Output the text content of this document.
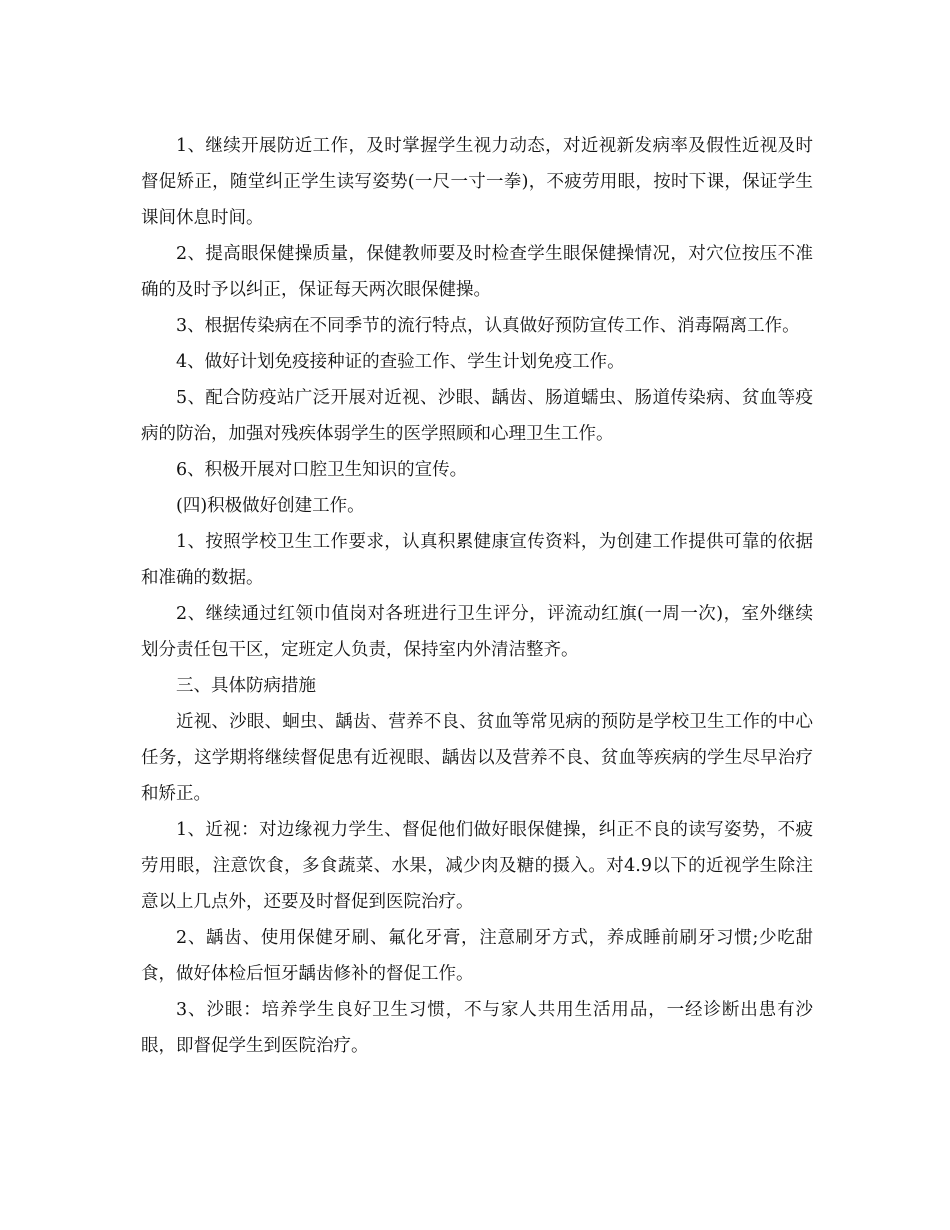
1、继续开展防近工作，及时掌握学生视力动态，对近视新发病率及假性近视及时督促矫正，随堂纠正学生读写姿势(一尺一寸一拳)，不疲劳用眼，按时下课，保证学生课间休息时间。

2、提高眼保健操质量，保健教师要及时检查学生眼保健操情况，对穴位按压不准确的及时予以纠正，保证每天两次眼保健操。

3、根据传染病在不同季节的流行特点，认真做好预防宣传工作、消毒隔离工作。

4、做好计划免疫接种证的查验工作、学生计划免疫工作。

5、配合防疫站广泛开展对近视、沙眼、龋齿、肠道蠕虫、肠道传染病、贫血等疫病的防治，加强对残疾体弱学生的医学照顾和心理卫生工作。

6、积极开展对口腔卫生知识的宣传。

(四)积极做好创建工作。

1、按照学校卫生工作要求，认真积累健康宣传资料，为创建工作提供可靠的依据和准确的数据。

2、继续通过红领巾值岗对各班进行卫生评分，评流动红旗(一周一次)，室外继续划分责任包干区，定班定人负责，保持室内外清洁整齐。

三、具体防病措施

近视、沙眼、蛔虫、龋齿、营养不良、贫血等常见病的预防是学校卫生工作的中心任务，这学期将继续督促患有近视眼、龋齿以及营养不良、贫血等疾病的学生尽早治疗和矫正。

1、近视：对边缘视力学生、督促他们做好眼保健操，纠正不良的读写姿势，不疲劳用眼，注意饮食，多食蔬菜、水果，减少肉及糖的摄入。对4.9以下的近视学生除注意以上几点外，还要及时督促到医院治疗。

2、龋齿、使用保健牙刷、氟化牙膏，注意刷牙方式，养成睡前刷牙习惯;少吃甜食，做好体检后恒牙龋齿修补的督促工作。

3、沙眼：培养学生良好卫生习惯，不与家人共用生活用品，一经诊断出患有沙眼，即督促学生到医院治疗。
